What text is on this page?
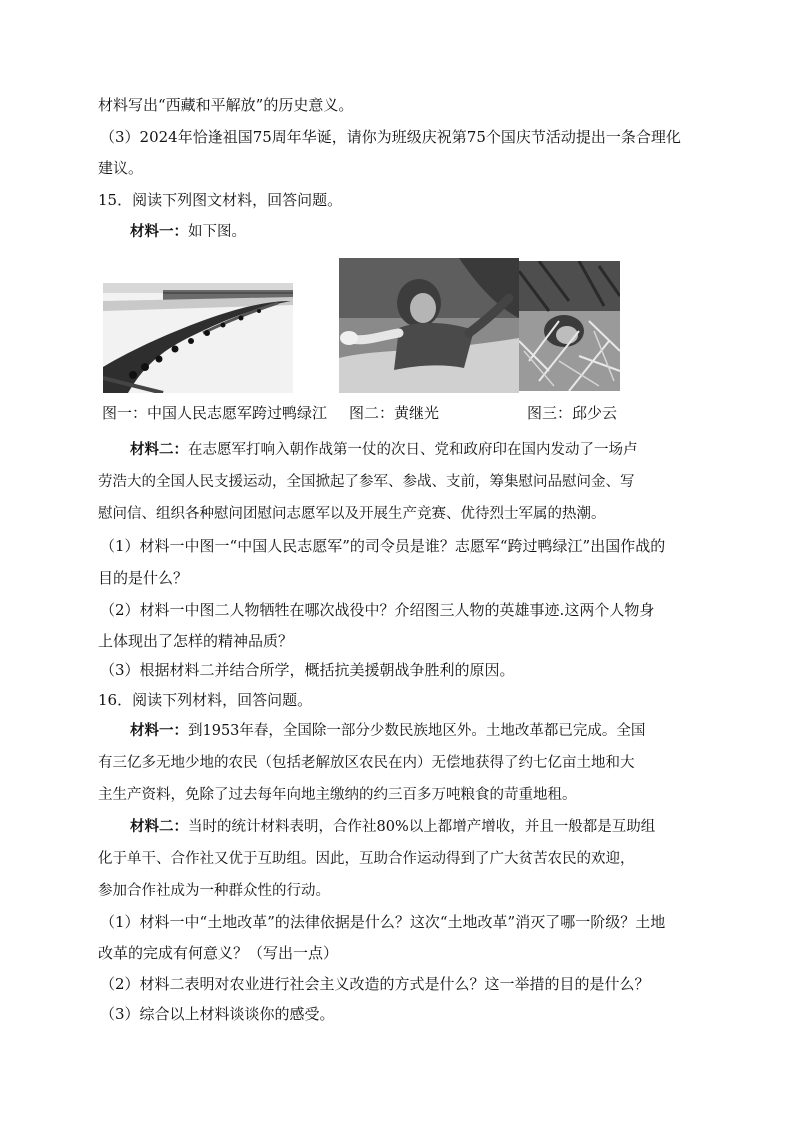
材料写出“西藏和平解放”的历史意义。
（3）2024年恰逢祖国75周年华诞，请你为班级庆祝第75个国庆节活动提出一条合理化
建议。
15．阅读下列图文材料，回答问题。
材料一：如下图。
图一：中国人民志愿军跨过鸭绿江 图二：黄继光	图三：邱少云
材料二：在志愿军打响入朝作战第一仗的次日、党和政府印在国内发动了一场卢
劳浩大的全国人民支援运动，全国掀起了参军、参战、支前，筹集慰问品慰问金、写
慰问信、组织各种慰问团慰问志愿军以及开展生产竞赛、优待烈士军属的热潮。
（1）材料一中图一“中国人民志愿军”的司令员是谁？志愿军“跨过鸭绿江”出国作战的
目的是什么？
（2）材料一中图二人物牺牲在哪次战役中？介绍图三人物的英雄事迹.这两个人物身
上体现出了怎样的精神品质？
（3）根据材料二并结合所学，概括抗美援朝战争胜利的原因。
16．阅读下列材料，回答问题。
材料一：到1953年春，全国除一部分少数民族地区外。土地改革都已完成。全国
有三亿多无地少地的农民（包括老解放区农民在内）无偿地获得了约七亿亩土地和大
主生产资料，免除了过去每年向地主缴纳的约三百多万吨粮食的苛重地租。
材料二：当时的统计材料表明，合作社80%以上都增产增收，并且一般都是互助组
化于单干、合作社又优于互助组。因此，互助合作运动得到了广大贫苦农民的欢迎，
参加合作社成为一种群众性的行动。
（1）材料一中“土地改革”的法律依据是什么？这次“土地改革”消灭了哪一阶级？土地
改革的完成有何意义？（写出一点）
（2）材料二表明对农业进行社会主义改造的方式是什么？这一举措的目的是什么？
（3）综合以上材料谈谈你的感受。
